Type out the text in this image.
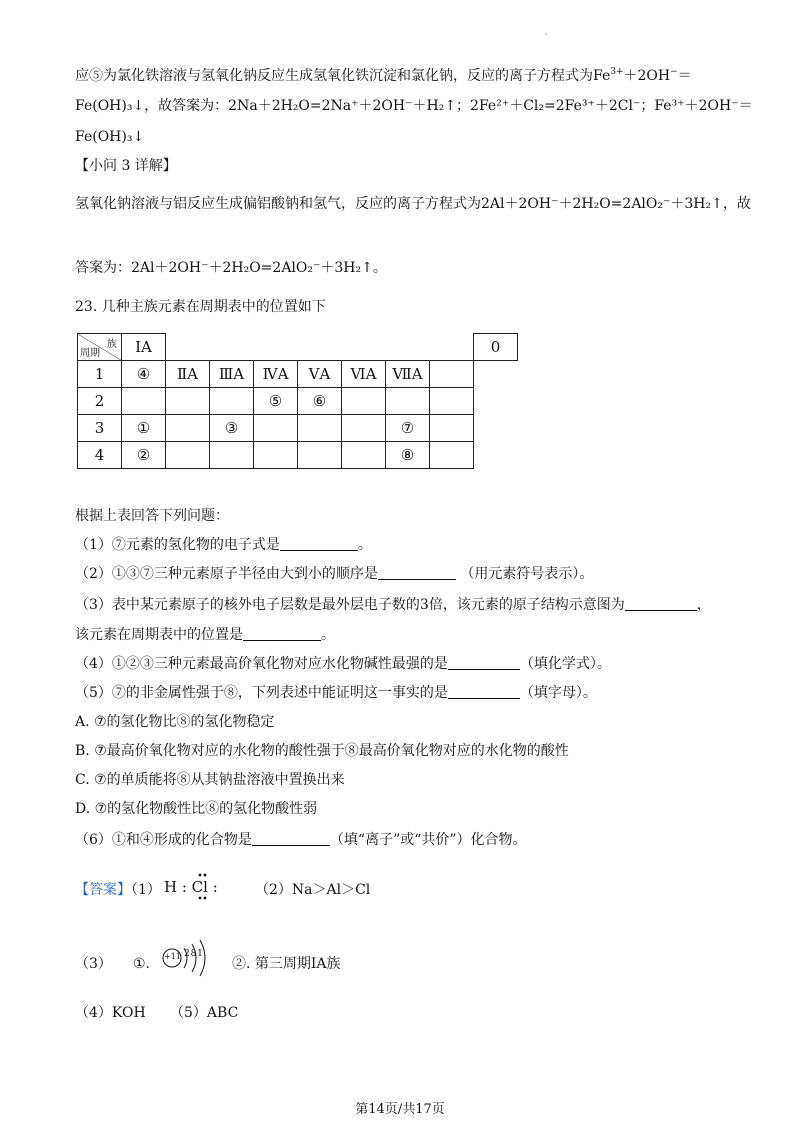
·
应⑤为氯化铁溶液与氢氧化钠反应生成氢氧化铁沉淀和氯化钠，反应的离子方程式为$Fe^{3+}+2OH^-=$
Fe(OH)₃↓，故答案为：2Na＋2H₂O=2Na⁺＋2OH⁻＋H₂↑；2Fe²⁺＋Cl₂=2Fe³⁺＋2Cl⁻；Fe³⁺＋2OH⁻＝
Fe(OH)₃↓
【小问 3 详解】
氢氧化钠溶液与铝反应生成偏铝酸钠和氢气，反应的离子方程式为2Al＋2OH⁻＋2H₂O=2AlO₂⁻＋3H₂↑，故
答案为：2Al＋2OH⁻＋2H₂O=2AlO₂⁻＋3H₂↑。
23. 几种主族元素在周期表中的位置如下
族
周期	ⅠA								0
1	④	ⅡA	ⅢA	ⅣA	ⅤA	ⅥA	ⅦA		
2				⑤	⑥				
3	①		③				⑦		
4	②						⑧		
根据上表回答下列问题：
（1）⑦元素的氢化物的电子式是	。
（2）①③⑦三种元素原子半径由大到小的顺序是	（用元素符号表示）。
（3）表中某元素原子的核外电子层数是最外层电子数的3倍，该元素的原子结构示意图为	，
该元素在周期表中的位置是	。
（4）①②③三种元素最高价氧化物对应水化物碱性最强的是	（填化学式）。
（5）⑦的非金属性强于⑧，下列表述中能证明这一事实的是	（填字母）。
A. ⑦的氢化物比⑧的氢化物稳定
B. ⑦最高价氧化物对应的水化物的酸性强于⑧最高价氧化物对应的水化物的酸性
C. ⑦的单质能将⑧从其钠盐溶液中置换出来
D. ⑦的氢化物酸性比⑧的氢化物酸性弱
（6）①和④形成的化合物是	（填“离子”或“共价”）化合物。
【答案】（1） H : Cl :	（2）Na＞Al＞Cl
（3） ①. +11 2 8 1
②. 第三周期ⅠA族
（4）KOH （5）ABC
第14页/共17页
